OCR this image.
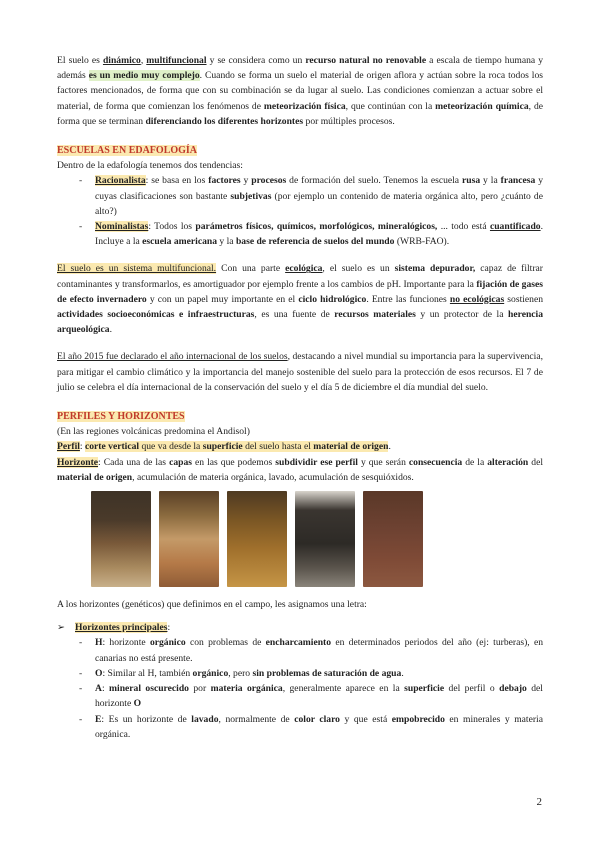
El suelo es dinámico, multifuncional y se considera como un recurso natural no renovable a escala de tiempo humana y además es un medio muy complejo. Cuando se forma un suelo el material de origen aflora y actúan sobre la roca todos los factores mencionados, de forma que con su combinación se da lugar al suelo. Las condiciones comienzan a actuar sobre el material, de forma que comienzan los fenómenos de meteorización física, que continúan con la meteorización química, de forma que se terminan diferenciando los diferentes horizontes por múltiples procesos.

ESCUELAS EN EDAFOLOGÍA

Dentro de la edafología tenemos dos tendencias:

- Racionalista: se basa en los factores y procesos de formación del suelo. Tenemos la escuela rusa y la francesa y cuyas clasificaciones son bastante subjetivas (por ejemplo un contenido de materia orgánica alto, pero ¿cuánto de alto?)
- Nominalistas: Todos los parámetros físicos, químicos, morfológicos, mineralógicos, ... todo está cuantificado. Incluye a la escuela americana y la base de referencia de suelos del mundo (WRB-FAO).

El suelo es un sistema multifuncional. Con una parte ecológica, el suelo es un sistema depurador, capaz de filtrar contaminantes y transformarlos, es amortiguador por ejemplo frente a los cambios de pH. Importante para la fijación de gases de efecto invernadero y con un papel muy importante en el ciclo hidrológico. Entre las funciones no ecológicas sostienen actividades socioeconómicas e infraestructuras, es una fuente de recursos materiales y un protector de la herencia arqueológica.

El año 2015 fue declarado el año internacional de los suelos, destacando a nivel mundial su importancia para la supervivencia, para mitigar el cambio climático y la importancia del manejo sostenible del suelo para la protección de esos recursos. El 7 de julio se celebra el día internacional de la conservación del suelo y el día 5 de diciembre el día mundial del suelo.

PERFILES Y HORIZONTES

(En las regiones volcánicas predomina el Andisol)

Perfil: corte vertical que va desde la superficie del suelo hasta el material de origen.

Horizonte: Cada una de las capas en las que podemos subdividir ese perfil y que serán consecuencia de la alteración del material de origen, acumulación de materia orgánica, lavado, acumulación de sesquióxidos.

A los horizontes (genéticos) que definimos en el campo, les asignamos una letra:

➢ Horizontes principales:
- H: horizonte orgánico con problemas de encharcamiento en determinados periodos del año (ej: turberas), en canarias no está presente.
- O: Similar al H, también orgánico, pero sin problemas de saturación de agua.
- A: mineral oscurecido por materia orgánica, generalmente aparece en la superficie del perfil o debajo del horizonte O
- E: Es un horizonte de lavado, normalmente de color claro y que está empobrecido en minerales y materia orgánica.
2
